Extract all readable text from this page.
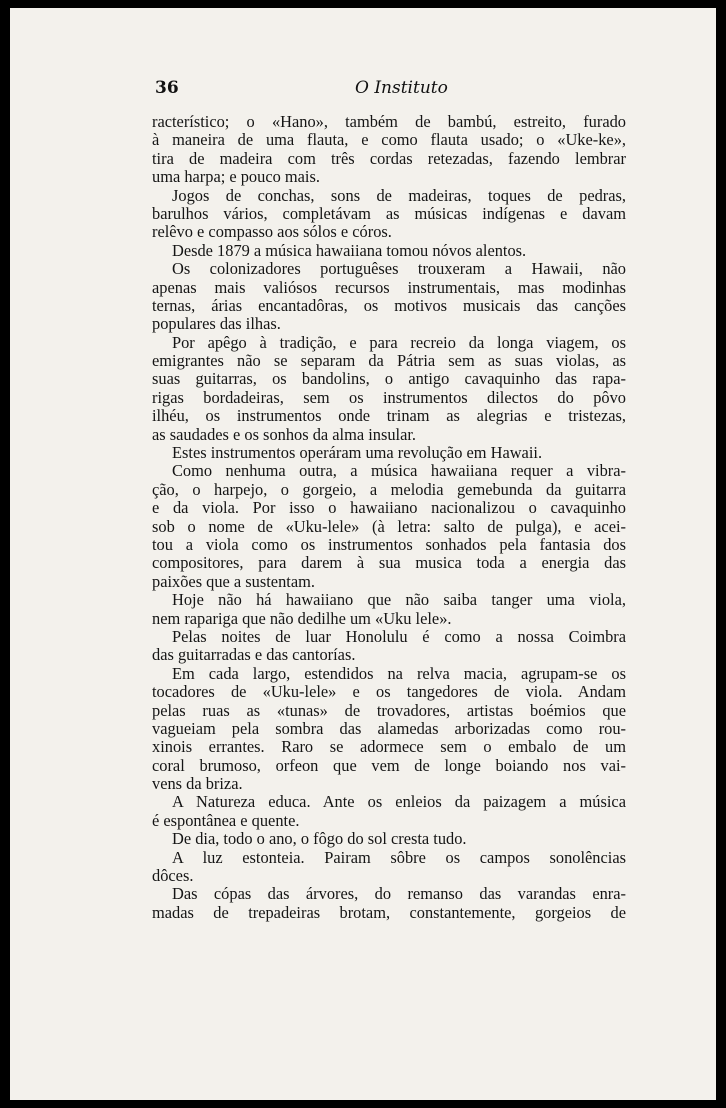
36	O Instituto
racterístico; o «Hano», também de bambú, estreito, furado
à maneira de uma flauta, e como flauta usado; o «Uke-ke»,
tira de madeira com três cordas retezadas, fazendo lembrar
uma harpa; e pouco mais.
Jogos de conchas, sons de madeiras, toques de pedras,
barulhos vários, completávam as músicas indígenas e davam
relêvo e compasso aos sólos e córos.
Desde 1879 a música hawaiiana tomou nóvos alentos.
Os colonizadores portuguêses trouxeram a Hawaii, não
apenas mais valiósos recursos instrumentais, mas modinhas
ternas, árias encantadôras, os motivos musicais das canções
populares das ilhas.
Por apêgo à tradição, e para recreio da longa viagem, os
emigrantes não se separam da Pátria sem as suas violas, as
suas guitarras, os bandolins, o antigo cavaquinho das rapa-
rigas bordadeiras, sem os instrumentos dilectos do pôvo
ilhéu, os instrumentos onde trinam as alegrias e tristezas,
as saudades e os sonhos da alma insular.
Estes instrumentos operáram uma revolução em Hawaii.
Como nenhuma outra, a música hawaiiana requer a vibra-
ção, o harpejo, o gorgeio, a melodia gemebunda da guitarra
e da viola. Por isso o hawaiiano nacionalizou o cavaquinho
sob o nome de «Uku-lele» (à letra: salto de pulga), e acei-
tou a viola como os instrumentos sonhados pela fantasia dos
compositores, para darem à sua musica toda a energia das
paixões que a sustentam.
Hoje não há hawaiiano que não saiba tanger uma viola,
nem rapariga que não dedilhe um «Uku lele».
Pelas noites de luar Honolulu é como a nossa Coimbra
das guitarradas e das cantorías.
Em cada largo, estendidos na relva macia, agrupam-se os
tocadores de «Uku-lele» e os tangedores de viola. Andam
pelas ruas as «tunas» de trovadores, artistas boémios que
vagueiam pela sombra das alamedas arborizadas como rou-
xinois errantes. Raro se adormece sem o embalo de um
coral brumoso, orfeon que vem de longe boiando nos vai-
vens da briza.
A Natureza educa. Ante os enleios da paizagem a música
é espontânea e quente.
De dia, todo o ano, o fôgo do sol cresta tudo.
A luz estonteia. Pairam sôbre os campos sonolências
dôces.
Das cópas das árvores, do remanso das varandas enra-
madas de trepadeiras brotam, constantemente, gorgeios de
